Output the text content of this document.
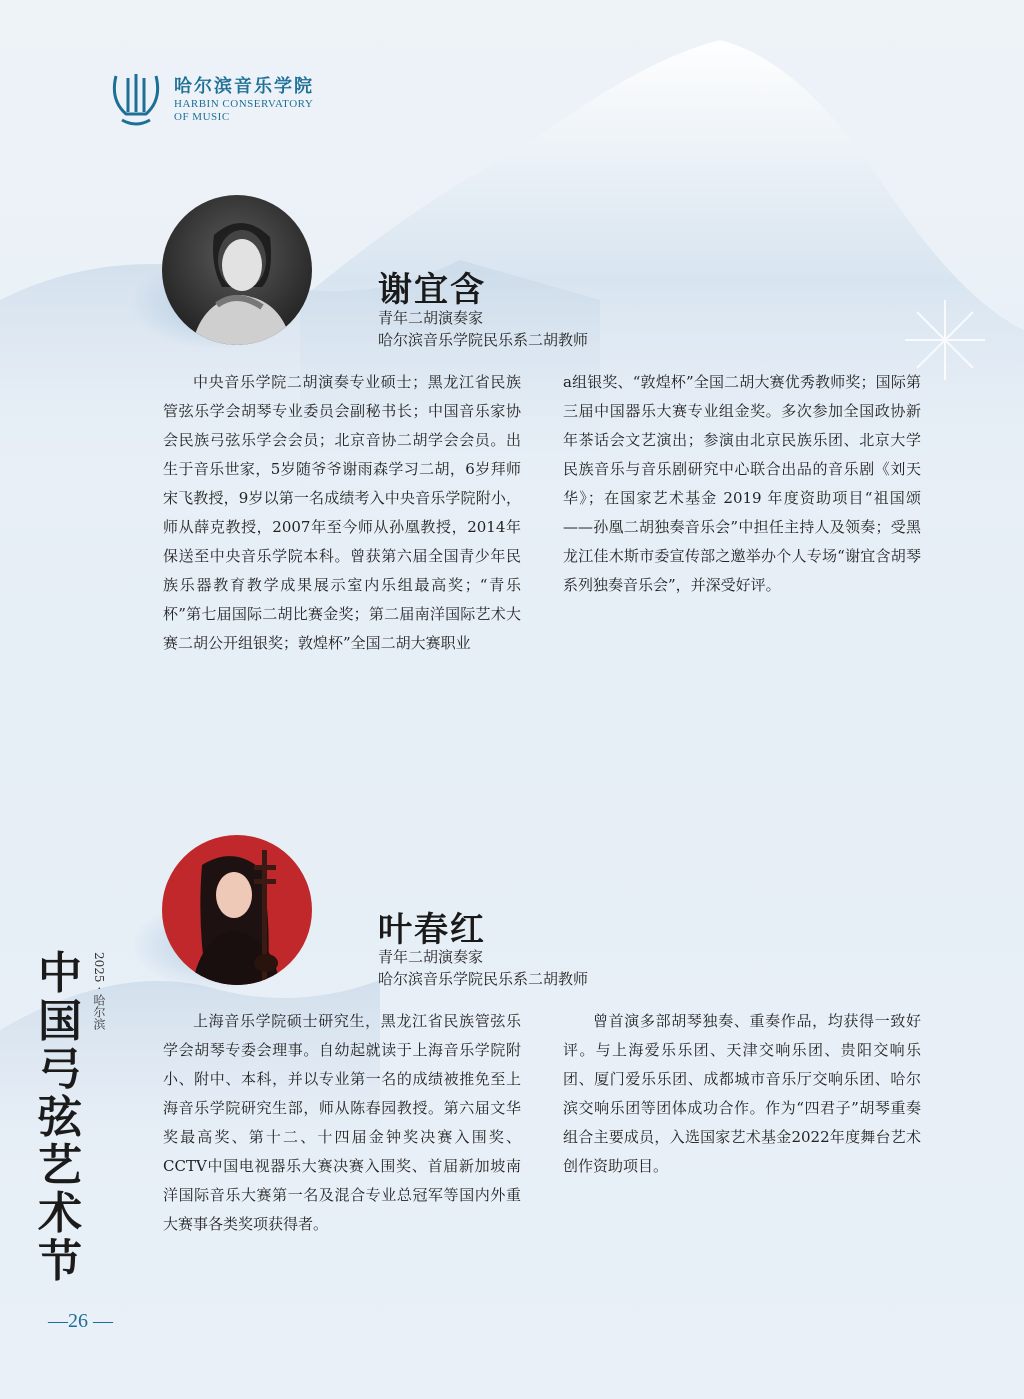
哈尔滨音乐学院
HARBIN CONSERVATORY
OF MUSIC
谢宜含
青年二胡演奏家
哈尔滨音乐学院民乐系二胡教师

中央音乐学院二胡演奏专业硕士；黑龙江省民族管弦乐学会胡琴专业委员会副秘书长；中国音乐家协会民族弓弦乐学会会员；北京音协二胡学会会员。出生于音乐世家，5岁随爷爷谢雨森学习二胡，6岁拜师宋飞教授，9岁以第一名成绩考入中央音乐学院附小，师从薛克教授，2007年至今师从孙凰教授，2014年保送至中央音乐学院本科。曾获第六届全国青少年民族乐器教育教学成果展示室内乐组最高奖；“青乐杯”第七届国际二胡比赛金奖；第二届南洋国际艺术大赛二胡公开组银奖；敦煌杯”全国二胡大赛职业

a组银奖、“敦煌杯”全国二胡大赛优秀教师奖；国际第三届中国器乐大赛专业组金奖。多次参加全国政协新年茶话会文艺演出；参演由北京民族乐团、北京大学民族音乐与音乐剧研究中心联合出品的音乐剧《刘天华》；在国家艺术基金 2019 年度资助项目“祖国颂——孙凰二胡独奏音乐会”中担任主持人及领奏；受黑龙江佳木斯市委宣传部之邀举办个人专场“谢宜含胡琴系列独奏音乐会”，并深受好评。

叶春红
青年二胡演奏家
哈尔滨音乐学院民乐系二胡教师

上海音乐学院硕士研究生，黑龙江省民族管弦乐学会胡琴专委会理事。自幼起就读于上海音乐学院附小、附中、本科，并以专业第一名的成绩被推免至上海音乐学院研究生部，师从陈春园教授。第六届文华奖最高奖、第十二、十四届金钟奖决赛入围奖、CCTV中国电视器乐大赛决赛入围奖、首届新加坡南洋国际音乐大赛第一名及混合专业总冠军等国内外重大赛事各类奖项获得者。

曾首演多部胡琴独奏、重奏作品，均获得一致好评。与上海爱乐乐团、天津交响乐团、贵阳交响乐团、厦门爱乐乐团、成都城市音乐厅交响乐团、哈尔滨交响乐团等团体成功合作。作为“四君子”胡琴重奏组合主要成员，入选国家艺术基金2022年度舞台艺术创作资助项目。

2025 · 哈尔滨
中
国
弓
弦
艺
术
节
—26 —
